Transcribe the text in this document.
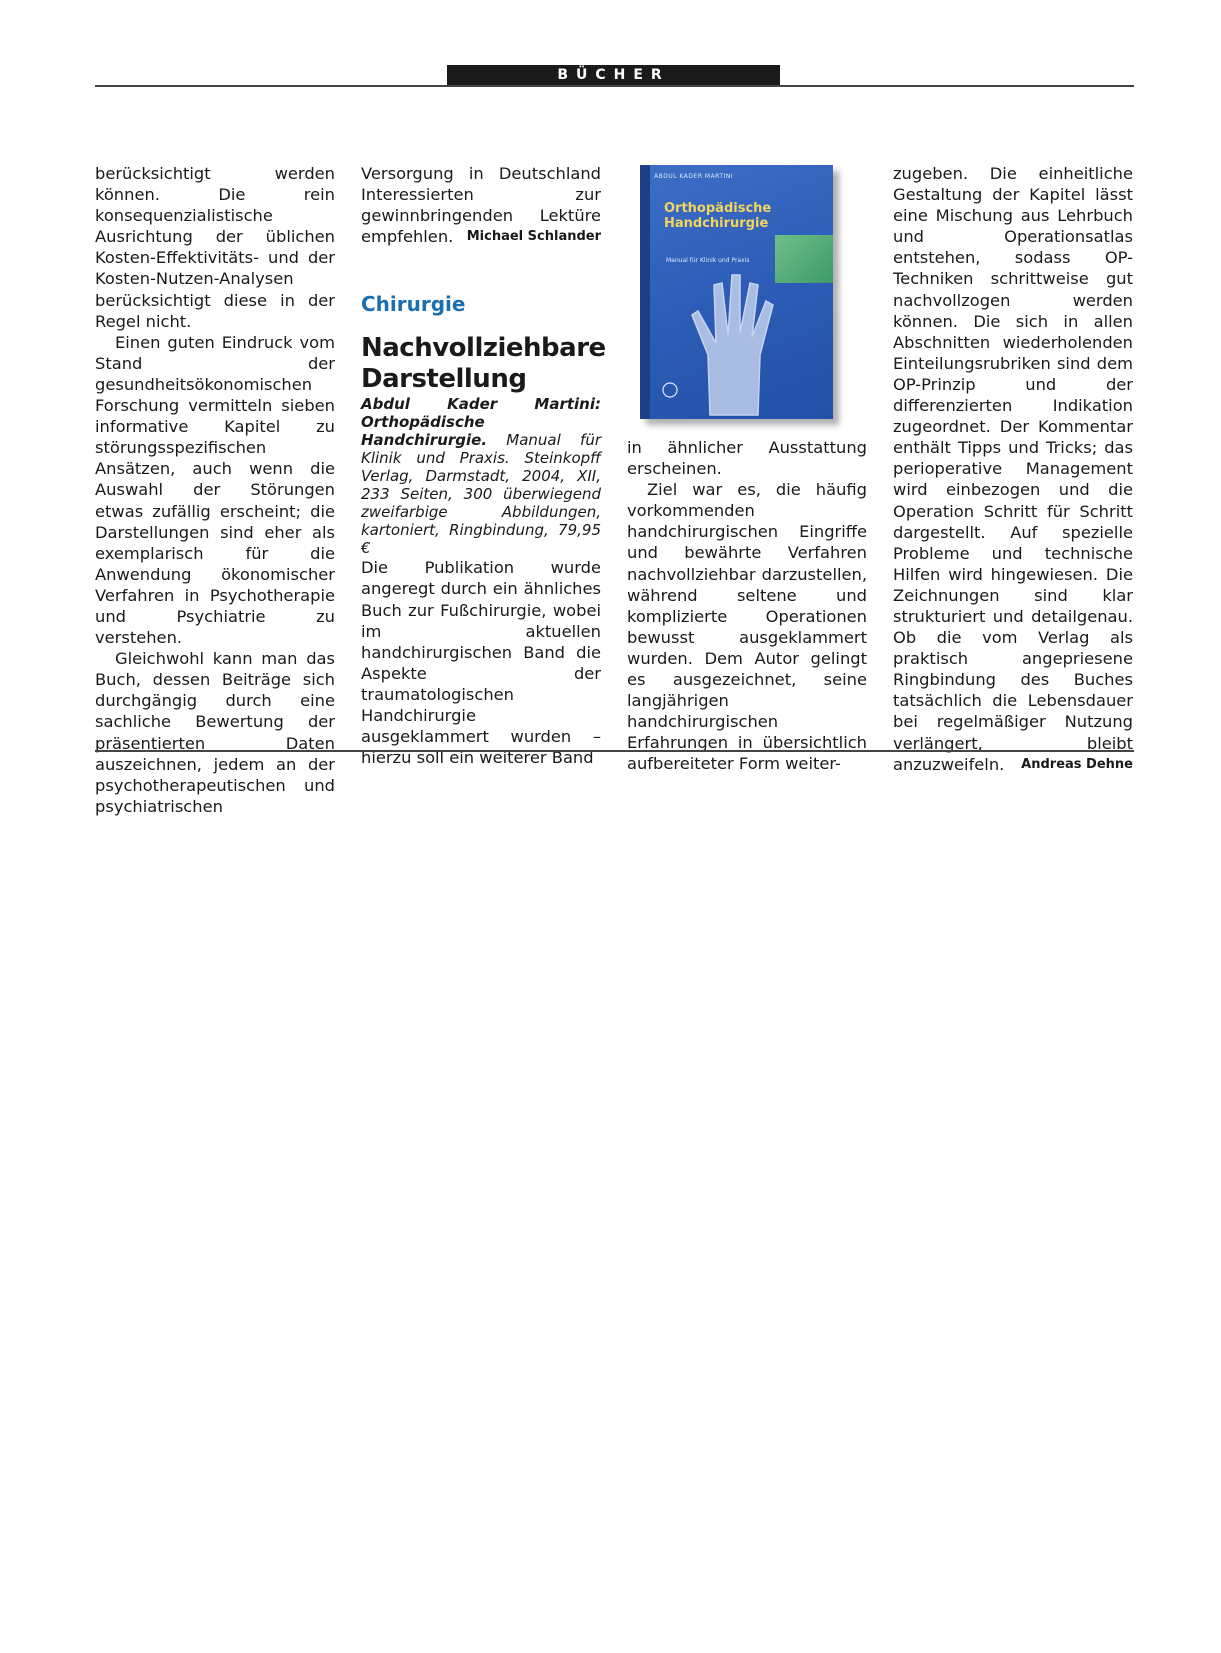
BÜCHER

berücksichtigt werden können. Die rein konsequenzialistische Ausrichtung der üblichen Kosten-Effektivitäts- und der Kosten-Nutzen-Analysen berücksichtigt diese in der Regel nicht.

Einen guten Eindruck vom Stand der gesundheitsökonomischen Forschung vermitteln sieben informative Kapitel zu störungsspezifischen Ansätzen, auch wenn die Auswahl der Störungen etwas zufällig erscheint; die Darstellungen sind eher als exemplarisch für die Anwendung ökonomischer Verfahren in Psychotherapie und Psychiatrie zu verstehen.

Gleichwohl kann man das Buch, dessen Beiträge sich durchgängig durch eine sachliche Bewertung der präsentierten Daten auszeichnen, jedem an der psychotherapeutischen und psychiatrischen

Versorgung in Deutschland Interessierten zur gewinnbringenden Lektüre empfehlen. Michael Schlander

Chirurgie
Nachvollziehbare Darstellung

Abdul Kader Martini: Orthopädische Handchirurgie. Manual für Klinik und Praxis. Steinkopff Verlag, Darmstadt, 2004, XII, 233 Seiten, 300 überwiegend zweifarbige Abbildungen, kartoniert, Ringbindung, 79,95 €

Die Publikation wurde angeregt durch ein ähnliches Buch zur Fußchirurgie, wobei im aktuellen handchirurgischen Band die Aspekte der traumatologischen Handchirurgie ausgeklammert wurden – hierzu soll ein weiterer Band

ABDUL KADER MARTINI
Orthopädische Handchirurgie
Manual für Klinik und Praxis

in ähnlicher Ausstattung erscheinen.

Ziel war es, die häufig vorkommenden handchirurgischen Eingriffe und bewährte Verfahren nachvollziehbar darzustellen, während seltene und komplizierte Operationen bewusst ausgeklammert wurden. Dem Autor gelingt es ausgezeichnet, seine langjährigen handchirurgischen Erfahrungen in übersichtlich aufbereiteter Form weiter-

zugeben. Die einheitliche Gestaltung der Kapitel lässt eine Mischung aus Lehrbuch und Operationsatlas entstehen, sodass OP-Techniken schrittweise gut nachvollzogen werden können. Die sich in allen Abschnitten wiederholenden Einteilungsrubriken sind dem OP-Prinzip und der differenzierten Indikation zugeordnet. Der Kommentar enthält Tipps und Tricks; das perioperative Management wird einbezogen und die Operation Schritt für Schritt dargestellt. Auf spezielle Probleme und technische Hilfen wird hingewiesen. Die Zeichnungen sind klar strukturiert und detailgenau. Ob die vom Verlag als praktisch angepriesene Ringbindung des Buches tatsächlich die Lebensdauer bei regelmäßiger Nutzung verlängert, bleibt anzuzweifeln. Andreas Dehne
